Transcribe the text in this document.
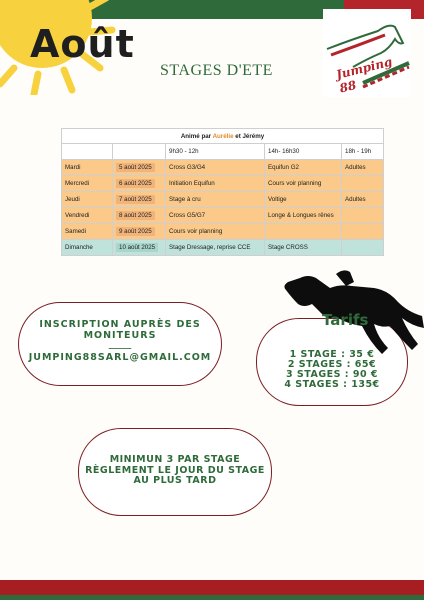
Août
Jumping 88
STAGES D'ETE
Animé par Aurélie et Jérémy				
		9h30 - 12h	14h- 16h30	18h - 19h
Mardi	5 août 2025	Cross G3/G4	Equifun G2	Adultes
Mercredi	6 août 2025	Initiation Equifun	Cours voir planning	
Jeudi	7 août 2025	Stage à cru	Voltige	Adultes
Vendredi	8 août 2025	Cross G5/G7	Longe & Longues rênes	
Samedi	9 août 2025	Cours voir planning		
Dimanche	10 août 2025	Stage Dressage, reprise CCE	Stage CROSS	
INSCRIPTION AUPRÈS DES MONITEURS
_____
JUMPING88SARL@GMAIL.COM	1 STAGE : 35 €
2 STAGES : 65€
3 STAGES : 90 €
4 STAGES : 135€
Tarifs
MINIMUN 3 PAR STAGE
RÈGLEMENT LE JOUR DU STAGE
AU PLUS TARD
